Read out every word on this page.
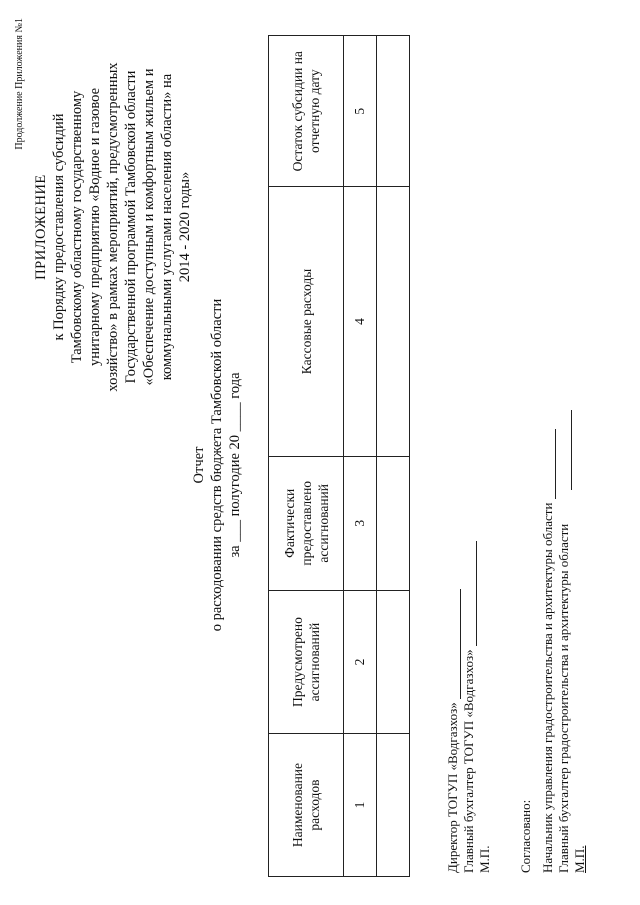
Продолжение Приложения №1
ПРИЛОЖЕНИЕ к Порядку предоставления субсидий Тамбовскому областному государственному унитарному предприятию «Водное и газовое хозяйство» в рамках мероприятий, предусмотренных Государственной программой Тамбовской области «Обеспечение доступным и комфортным жильем и коммунальными услугами населения области» на 2014 - 2020 годы»
Отчет о расходовании средств бюджета Тамбовской области за ___ полугодие 20 ____ года
Наименование расходов	Предусмотрено ассигнований	Фактически предоставлено ассигнований	Кассовые расходы	Остаток субсидии на отчетную дату
1	2	3	4	5

Директор ТОГУП «Водгазхоз» Главный бухгалтер ТОГУП «Водгазхоз» М.П. Согласовано: Начальник управления градостроительства и архитектуры области Главный бухгалтер градостроительства и архитектуры области М.П.
